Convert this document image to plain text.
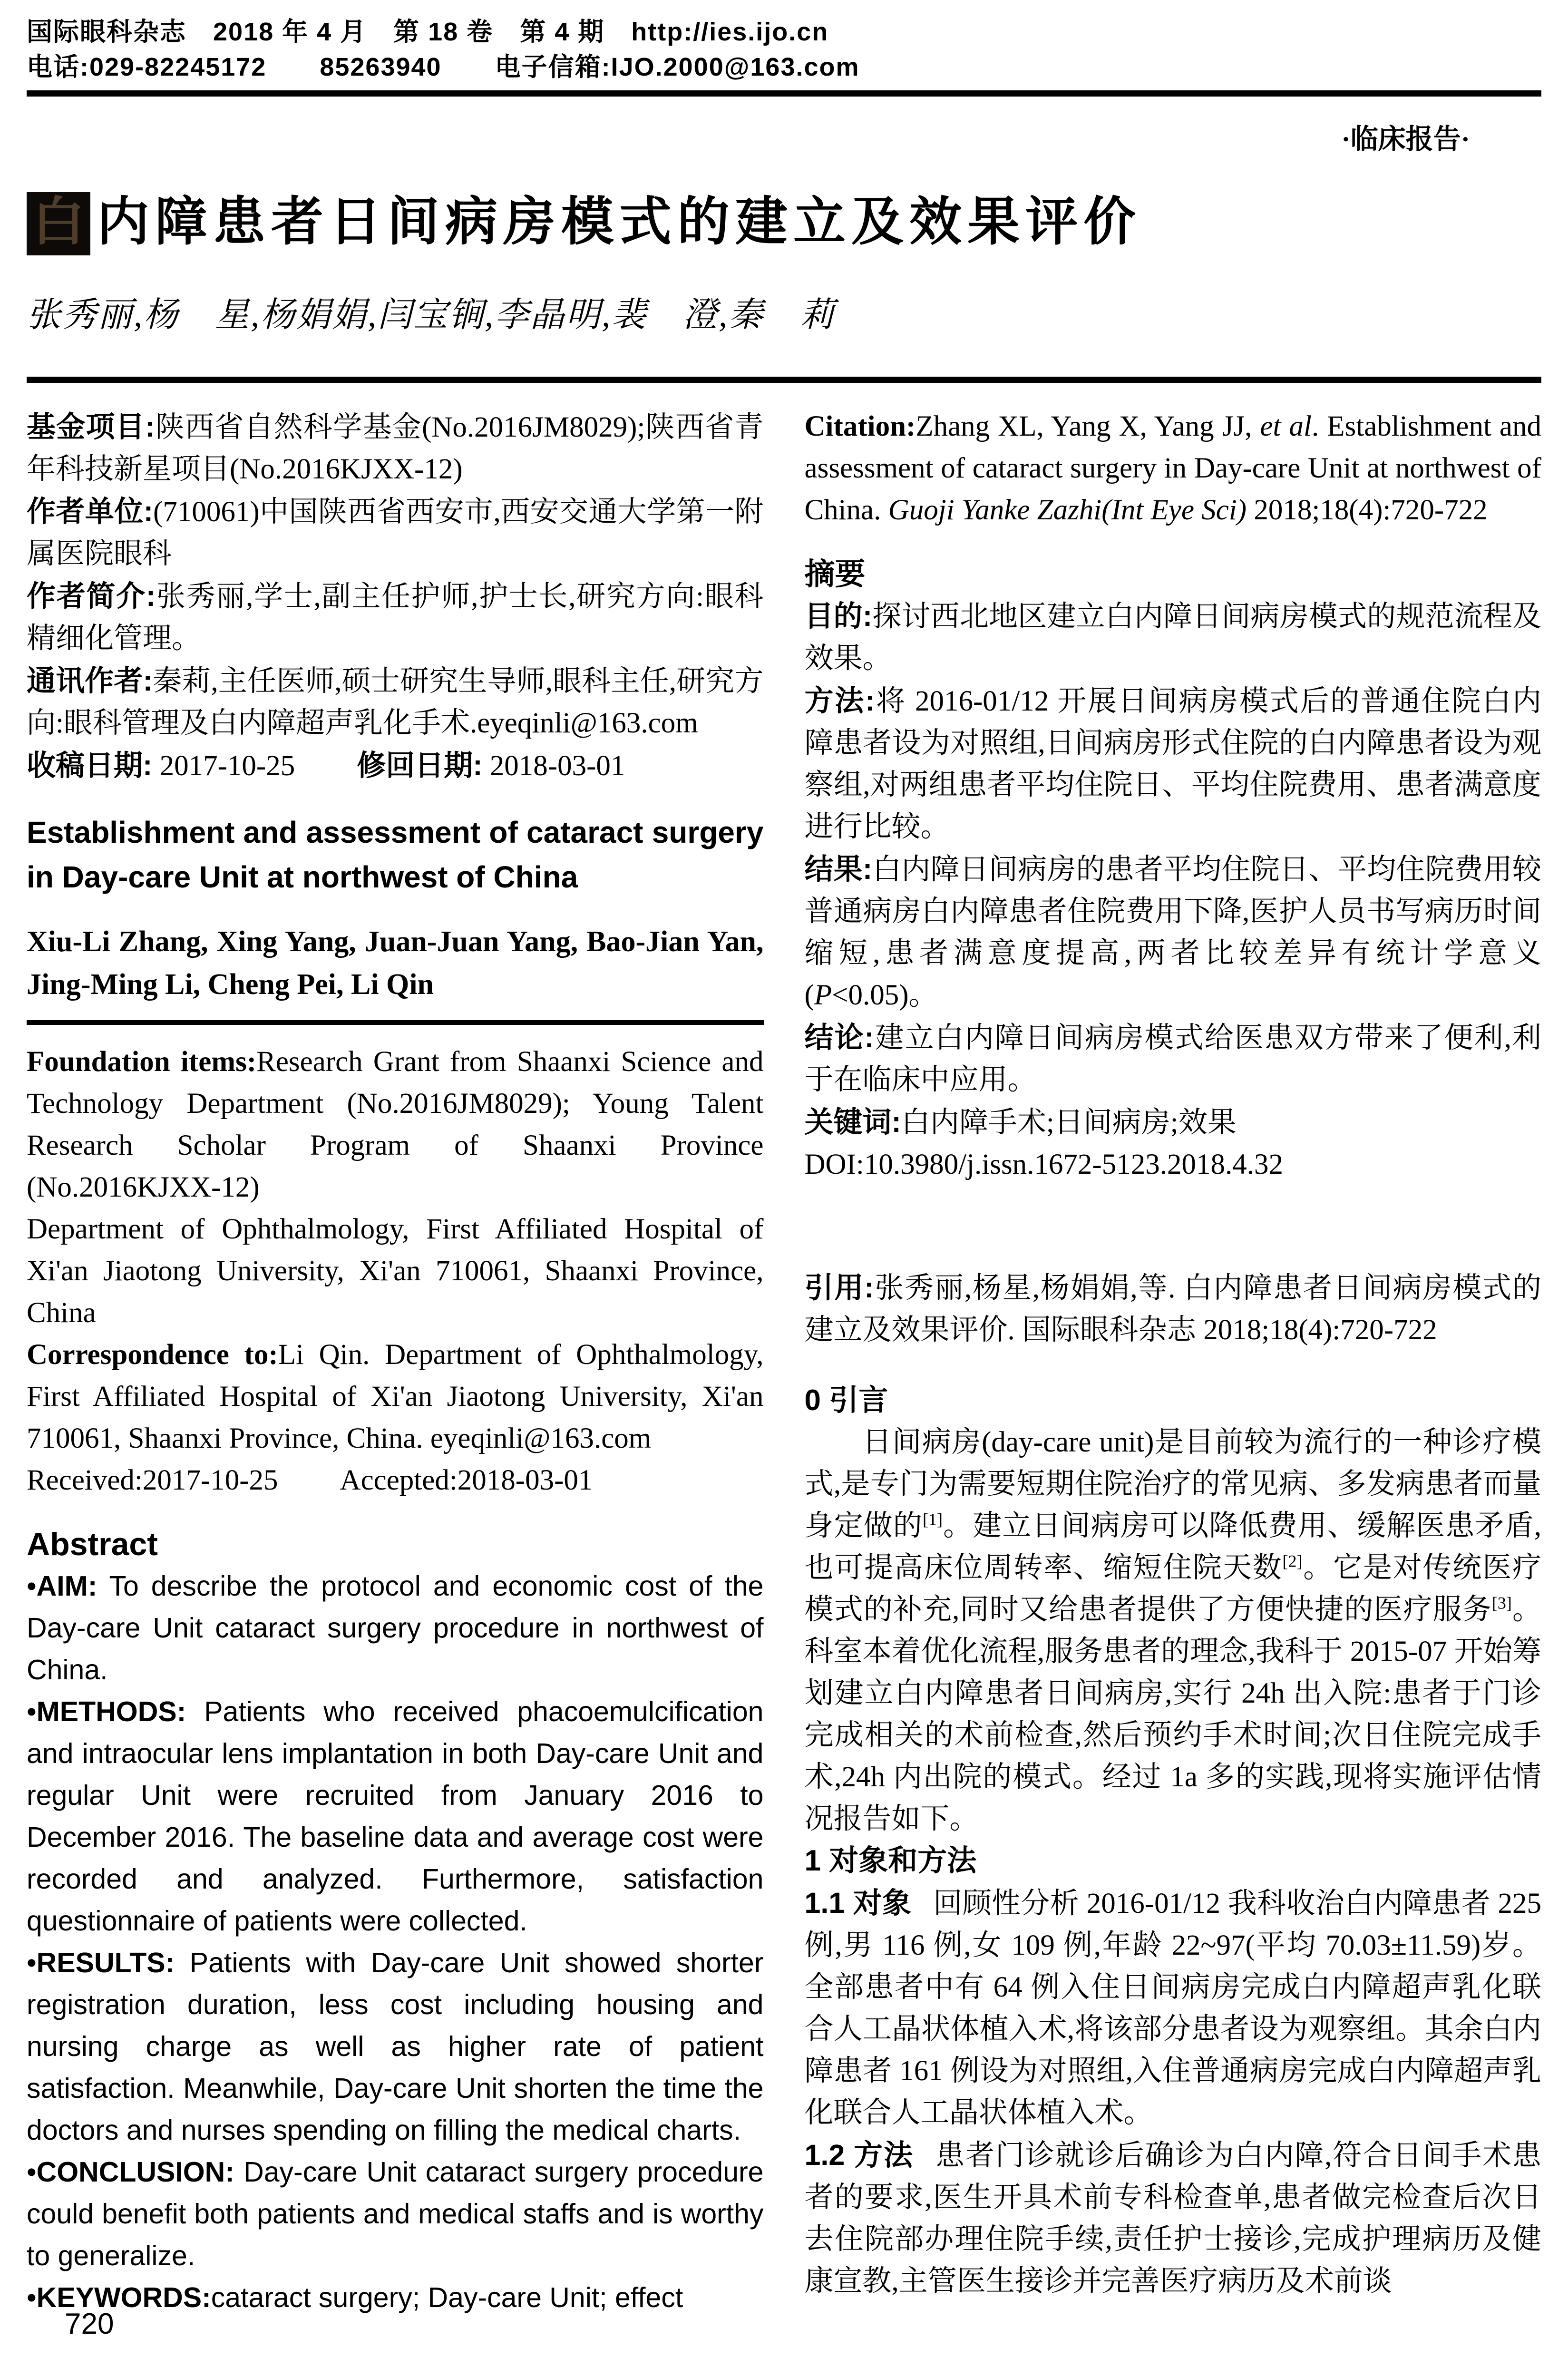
国际眼科杂志　2018 年 4 月　第 18 卷　第 4 期　http://ies.ijo.cn
电话:029-82245172　　85263940　　电子信箱:IJO.2000@163.com
·临床报告·
白 内障患者日间病房模式的建立及效果评价
张秀丽,杨　星,杨娟娟,闫宝锏,李晶明,裴　澄,秦　莉

基金项目:陕西省自然科学基金(No.2016JM8029);陕西省青年科技新星项目(No.2016KJXX-12)

作者单位:(710061)中国陕西省西安市,西安交通大学第一附属医院眼科

作者简介:张秀丽,学士,副主任护师,护士长,研究方向:眼科精细化管理。

通讯作者:秦莉,主任医师,硕士研究生导师,眼科主任,研究方向:眼科管理及白内障超声乳化手术.eyeqinli@163.com

收稿日期: 2017-10-25 修回日期: 2018-03-01

Establishment and assessment of cataract surgery in Day-care Unit at northwest of China

Xiu-Li Zhang, Xing Yang, Juan-Juan Yang, Bao-Jian Yan, Jing-Ming Li, Cheng Pei, Li Qin

Foundation items:Research Grant from Shaanxi Science and Technology Department (No.2016JM8029); Young Talent Research Scholar Program of Shaanxi Province (No.2016KJXX-12)

Department of Ophthalmology, First Affiliated Hospital of Xi'an Jiaotong University, Xi'an 710061, Shaanxi Province, China

Correspondence to:Li Qin. Department of Ophthalmology, First Affiliated Hospital of Xi'an Jiaotong University, Xi'an 710061, Shaanxi Province, China. eyeqinli@163.com

Received:2017-10-25 Accepted:2018-03-01

Abstract

•AIM: To describe the protocol and economic cost of the Day-care Unit cataract surgery procedure in northwest of China.

•METHODS: Patients who received phacoemulcification and intraocular lens implantation in both Day-care Unit and regular Unit were recruited from January 2016 to December 2016. The baseline data and average cost were recorded and analyzed. Furthermore, satisfaction questionnaire of patients were collected.

•RESULTS: Patients with Day-care Unit showed shorter registration duration, less cost including housing and nursing charge as well as higher rate of patient satisfaction. Meanwhile, Day-care Unit shorten the time the doctors and nurses spending on filling the medical charts.

•CONCLUSION: Day-care Unit cataract surgery procedure could benefit both patients and medical staffs and is worthy to generalize.

•KEYWORDS:cataract surgery; Day-care Unit; effect

Citation:Zhang XL, Yang X, Yang JJ, et al. Establishment and assessment of cataract surgery in Day-care Unit at northwest of China. Guoji Yanke Zazhi(Int Eye Sci) 2018;18(4):720-722

摘要

目的:探讨西北地区建立白内障日间病房模式的规范流程及效果。

方法:将 2016-01/12 开展日间病房模式后的普通住院白内障患者设为对照组,日间病房形式住院的白内障患者设为观察组,对两组患者平均住院日、平均住院费用、患者满意度进行比较。

结果:白内障日间病房的患者平均住院日、平均住院费用较普通病房白内障患者住院费用下降,医护人员书写病历时间缩短,患者满意度提高,两者比较差异有统计学意义(P<0.05)。

结论:建立白内障日间病房模式给医患双方带来了便利,利于在临床中应用。

关键词:白内障手术;日间病房;效果

DOI:10.3980/j.issn.1672-5123.2018.4.32

引用:张秀丽,杨星,杨娟娟,等. 白内障患者日间病房模式的建立及效果评价. 国际眼科杂志 2018;18(4):720-722

0 引言

日间病房(day-care unit)是目前较为流行的一种诊疗模式,是专门为需要短期住院治疗的常见病、多发病患者而量身定做的[1]。建立日间病房可以降低费用、缓解医患矛盾,也可提高床位周转率、缩短住院天数[2]。它是对传统医疗模式的补充,同时又给患者提供了方便快捷的医疗服务[3]。科室本着优化流程,服务患者的理念,我科于 2015-07 开始筹划建立白内障患者日间病房,实行 24h 出入院:患者于门诊完成相关的术前检查,然后预约手术时间;次日住院完成手术,24h 内出院的模式。经过 1a 多的实践,现将实施评估情况报告如下。

1 对象和方法

1.1 对象 回顾性分析 2016-01/12 我科收治白内障患者 225 例,男 116 例,女 109 例,年龄 22~97(平均 70.03±11.59)岁。全部患者中有 64 例入住日间病房完成白内障超声乳化联合人工晶状体植入术,将该部分患者设为观察组。其余白内障患者 161 例设为对照组,入住普通病房完成白内障超声乳化联合人工晶状体植入术。

1.2 方法 患者门诊就诊后确诊为白内障,符合日间手术患者的要求,医生开具术前专科检查单,患者做完检查后次日去住院部办理住院手续,责任护士接诊,完成护理病历及健康宣教,主管医生接诊并完善医疗病历及术前谈

720
